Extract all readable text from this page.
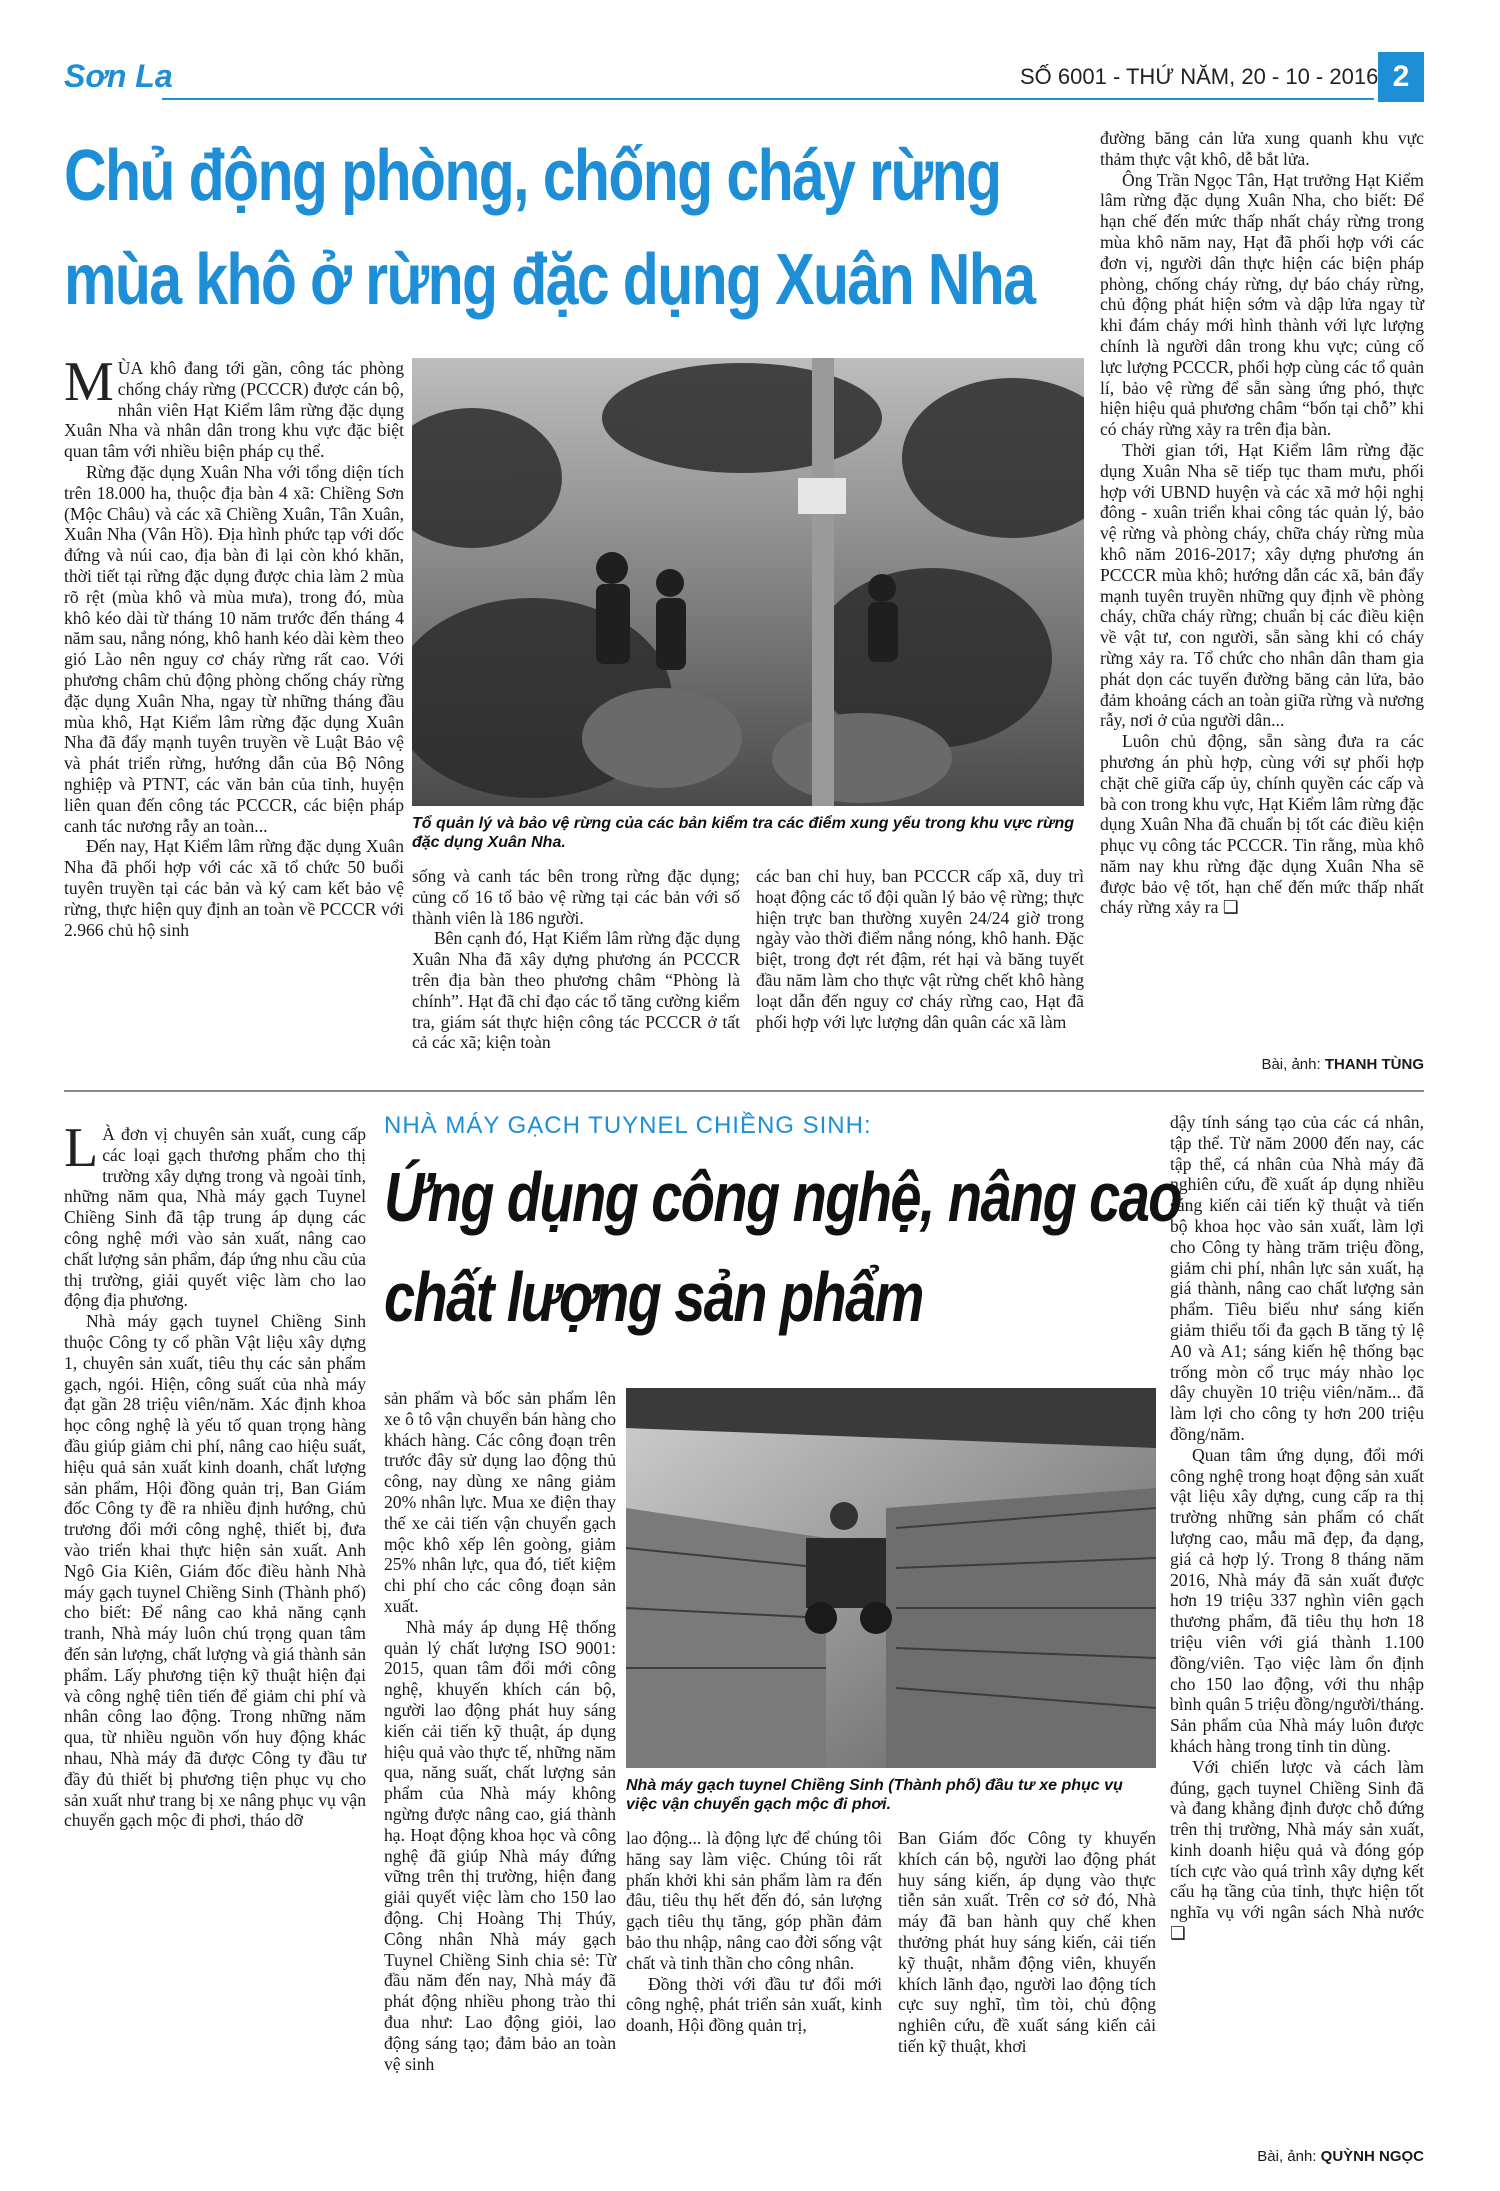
Sơn La	SỐ 6001 - THỨ NĂM, 20 - 10 - 2016 2
Chủ động phòng, chống cháy rừng
mùa khô ở rừng đặc dụng Xuân Nha

MÙA khô đang tới gần, công tác phòng chống cháy rừng (PCCCR) được cán bộ, nhân viên Hạt Kiểm lâm rừng đặc dụng Xuân Nha và nhân dân trong khu vực đặc biệt quan tâm với nhiều biện pháp cụ thể.

Rừng đặc dụng Xuân Nha với tổng diện tích trên 18.000 ha, thuộc địa bàn 4 xã: Chiềng Sơn (Mộc Châu) và các xã Chiềng Xuân, Tân Xuân, Xuân Nha (Vân Hồ). Địa hình phức tạp với dốc đứng và núi cao, địa bàn đi lại còn khó khăn, thời tiết tại rừng đặc dụng được chia làm 2 mùa rõ rệt (mùa khô và mùa mưa), trong đó, mùa khô kéo dài từ tháng 10 năm trước đến tháng 4 năm sau, nắng nóng, khô hanh kéo dài kèm theo gió Lào nên nguy cơ cháy rừng rất cao. Với phương châm chủ động phòng chống cháy rừng đặc dụng Xuân Nha, ngay từ những tháng đầu mùa khô, Hạt Kiểm lâm rừng đặc dụng Xuân Nha đã đẩy mạnh tuyên truyền về Luật Bảo vệ và phát triển rừng, hướng dẫn của Bộ Nông nghiệp và PTNT, các văn bản của tỉnh, huyện liên quan đến công tác PCCCR, các biện pháp canh tác nương rẫy an toàn...

Đến nay, Hạt Kiểm lâm rừng đặc dụng Xuân Nha đã phối hợp với các xã tổ chức 50 buổi tuyên truyền tại các bản và ký cam kết bảo vệ rừng, thực hiện quy định an toàn về PCCCR với 2.966 chủ hộ sinh

Tổ quản lý và bảo vệ rừng của các bản kiểm tra các điểm xung yếu trong khu vực rừng đặc dụng Xuân Nha.

sống và canh tác bên trong rừng đặc dụng; củng cố 16 tổ bảo vệ rừng tại các bản với số thành viên là 186 người.

Bên cạnh đó, Hạt Kiểm lâm rừng đặc dụng Xuân Nha đã xây dựng phương án PCCCR trên địa bàn theo phương châm “Phòng là chính”. Hạt đã chỉ đạo các tổ tăng cường kiểm tra, giám sát thực hiện công tác PCCCR ở tất cả các xã; kiện toàn

các ban chỉ huy, ban PCCCR cấp xã, duy trì hoạt động các tổ đội quần lý bảo vệ rừng; thực hiện trực ban thường xuyên 24/24 giờ trong ngày vào thời điểm nắng nóng, khô hanh. Đặc biệt, trong đợt rét đậm, rét hại và băng tuyết đầu năm làm cho thực vật rừng chết khô hàng loạt dẫn đến nguy cơ cháy rừng cao, Hạt đã phối hợp với lực lượng dân quân các xã làm

đường băng cản lửa xung quanh khu vực thảm thực vật khô, dễ bắt lửa.

Ông Trần Ngọc Tân, Hạt trưởng Hạt Kiểm lâm rừng đặc dụng Xuân Nha, cho biết: Để hạn chế đến mức thấp nhất cháy rừng trong mùa khô năm nay, Hạt đã phối hợp với các đơn vị, người dân thực hiện các biện pháp phòng, chống cháy rừng, dự báo cháy rừng, chủ động phát hiện sớm và dập lửa ngay từ khi đám cháy mới hình thành với lực lượng chính là người dân trong khu vực; củng cố lực lượng PCCCR, phối hợp cùng các tổ quản lí, bảo vệ rừng để sẵn sàng ứng phó, thực hiện hiệu quả phương châm “bốn tại chỗ” khi có cháy rừng xảy ra trên địa bàn.

Thời gian tới, Hạt Kiểm lâm rừng đặc dụng Xuân Nha sẽ tiếp tục tham mưu, phối hợp với UBND huyện và các xã mở hội nghị đông - xuân triển khai công tác quản lý, bảo vệ rừng và phòng cháy, chữa cháy rừng mùa khô năm 2016-2017; xây dựng phương án PCCCR mùa khô; hướng dẫn các xã, bản đẩy mạnh tuyên truyền những quy định về phòng cháy, chữa cháy rừng; chuẩn bị các điều kiện về vật tư, con người, sẵn sàng khi có cháy rừng xảy ra. Tổ chức cho nhân dân tham gia phát dọn các tuyến đường băng cản lửa, bảo đảm khoảng cách an toàn giữa rừng và nương rẫy, nơi ở của người dân...

Luôn chủ động, sẵn sàng đưa ra các phương án phù hợp, cùng với sự phối hợp chặt chẽ giữa cấp ủy, chính quyền các cấp và bà con trong khu vực, Hạt Kiểm lâm rừng đặc dụng Xuân Nha đã chuẩn bị tốt các điều kiện phục vụ công tác PCCCR. Tin rằng, mùa khô năm nay khu rừng đặc dụng Xuân Nha sẽ được bảo vệ tốt, hạn chế đến mức thấp nhất cháy rừng xảy ra ❑

Bài, ảnh: THANH TÙNG

L À đơn vị chuyên sản xuất, cung cấp các loại gạch thương phẩm cho thị trường xây dựng trong và ngoài tỉnh, những năm qua, Nhà máy gạch Tuynel Chiềng Sinh đã tập trung áp dụng các công nghệ mới vào sản xuất, nâng cao chất lượng sản phẩm, đáp ứng nhu cầu của thị trường, giải quyết việc làm cho lao động địa phương.

Nhà máy gạch tuynel Chiềng Sinh thuộc Công ty cổ phần Vật liệu xây dựng 1, chuyên sản xuất, tiêu thụ các sản phẩm gạch, ngói. Hiện, công suất của nhà máy đạt gần 28 triệu viên/năm. Xác định khoa học công nghệ là yếu tố quan trọng hàng đầu giúp giảm chi phí, nâng cao hiệu suất, hiệu quả sản xuất kinh doanh, chất lượng sản phẩm, Hội đồng quản trị, Ban Giám đốc Công ty đề ra nhiều định hướng, chủ trương đổi mới công nghệ, thiết bị, đưa vào triển khai thực hiện sản xuất. Anh Ngô Gia Kiên, Giám đốc điều hành Nhà máy gạch tuynel Chiềng Sinh (Thành phố) cho biết: Để nâng cao khả năng cạnh tranh, Nhà máy luôn chú trọng quan tâm đến sản lượng, chất lượng và giá thành sản phẩm. Lấy phương tiện kỹ thuật hiện đại và công nghệ tiên tiến để giảm chi phí và nhân công lao động. Trong những năm qua, từ nhiều nguồn vốn huy động khác nhau, Nhà máy đã được Công ty đầu tư đầy đủ thiết bị phương tiện phục vụ cho sản xuất như trang bị xe nâng phục vụ vận chuyển gạch mộc đi phơi, tháo dỡ

NHÀ MÁY GẠCH TUYNEL CHIỀNG SINH:
Ứng dụng công nghệ, nâng cao
chất lượng sản phẩm

sản phẩm và bốc sản phẩm lên xe ô tô vận chuyển bán hàng cho khách hàng. Các công đoạn trên trước đây sử dụng lao động thủ công, nay dùng xe nâng giảm 20% nhân lực. Mua xe điện thay thế xe cải tiến vận chuyển gạch mộc khô xếp lên goòng, giảm 25% nhân lực, qua đó, tiết kiệm chi phí cho các công đoạn sản xuất.

Nhà máy áp dụng Hệ thống quản lý chất lượng ISO 9001: 2015, quan tâm đổi mới công nghệ, khuyến khích cán bộ, người lao động phát huy sáng kiến cải tiến kỹ thuật, áp dụng hiệu quả vào thực tế, những năm qua, năng suất, chất lượng sản phẩm của Nhà máy không ngừng được nâng cao, giá thành hạ. Hoạt động khoa học và công nghệ đã giúp Nhà máy đứng vững trên thị trường, hiện đang giải quyết việc làm cho 150 lao động. Chị Hoàng Thị Thúy, Công nhân Nhà máy gạch Tuynel Chiềng Sinh chia sẻ: Từ đầu năm đến nay, Nhà máy đã phát động nhiều phong trào thi đua như: Lao động giỏi, lao động sáng tạo; đảm bảo an toàn vệ sinh

Nhà máy gạch tuynel Chiềng Sinh (Thành phố) đầu tư xe phục vụ việc vận chuyển gạch mộc đi phơi.

lao động... là động lực để chúng tôi hăng say làm việc. Chúng tôi rất phấn khởi khi sản phẩm làm ra đến đâu, tiêu thụ hết đến đó, sản lượng gạch tiêu thụ tăng, góp phần đảm bảo thu nhập, nâng cao đời sống vật chất và tinh thần cho công nhân.

Đồng thời với đầu tư đổi mới công nghệ, phát triển sản xuất, kinh doanh, Hội đồng quản trị,

Ban Giám đốc Công ty khuyến khích cán bộ, người lao động phát huy sáng kiến, áp dụng vào thực tiễn sản xuất. Trên cơ sở đó, Nhà máy đã ban hành quy chế khen thưởng phát huy sáng kiến, cải tiến kỹ thuật, nhằm động viên, khuyến khích lãnh đạo, người lao động tích cực suy nghĩ, tìm tòi, chủ động nghiên cứu, đề xuất sáng kiến cải tiến kỹ thuật, khơi

dậy tính sáng tạo của các cá nhân, tập thể. Từ năm 2000 đến nay, các tập thể, cá nhân của Nhà máy đã nghiên cứu, đề xuất áp dụng nhiều sáng kiến cải tiến kỹ thuật và tiến bộ khoa học vào sản xuất, làm lợi cho Công ty hàng trăm triệu đồng, giảm chi phí, nhân lực sản xuất, hạ giá thành, nâng cao chất lượng sản phẩm. Tiêu biểu như sáng kiến giảm thiểu tối đa gạch B tăng tỷ lệ A0 và A1; sáng kiến hệ thống bạc trống mòn cổ trục máy nhào lọc dây chuyền 10 triệu viên/năm... đã làm lợi cho công ty hơn 200 triệu đồng/năm.

Quan tâm ứng dụng, đổi mới công nghệ trong hoạt động sản xuất vật liệu xây dựng, cung cấp ra thị trường những sản phẩm có chất lượng cao, mẫu mã đẹp, đa dạng, giá cả hợp lý. Trong 8 tháng năm 2016, Nhà máy đã sản xuất được hơn 19 triệu 337 nghìn viên gạch thương phẩm, đã tiêu thụ hơn 18 triệu viên với giá thành 1.100 đồng/viên. Tạo việc làm ổn định cho 150 lao động, với thu nhập bình quân 5 triệu đồng/người/tháng. Sản phẩm của Nhà máy luôn được khách hàng trong tỉnh tin dùng.

Với chiến lược và cách làm đúng, gạch tuynel Chiềng Sinh đã và đang khẳng định được chỗ đứng trên thị trường, Nhà máy sản xuất, kinh doanh hiệu quả và đóng góp tích cực vào quá trình xây dựng kết cấu hạ tầng của tỉnh, thực hiện tốt nghĩa vụ với ngân sách Nhà nước ❑

Bài, ảnh: QUỲNH NGỌC
